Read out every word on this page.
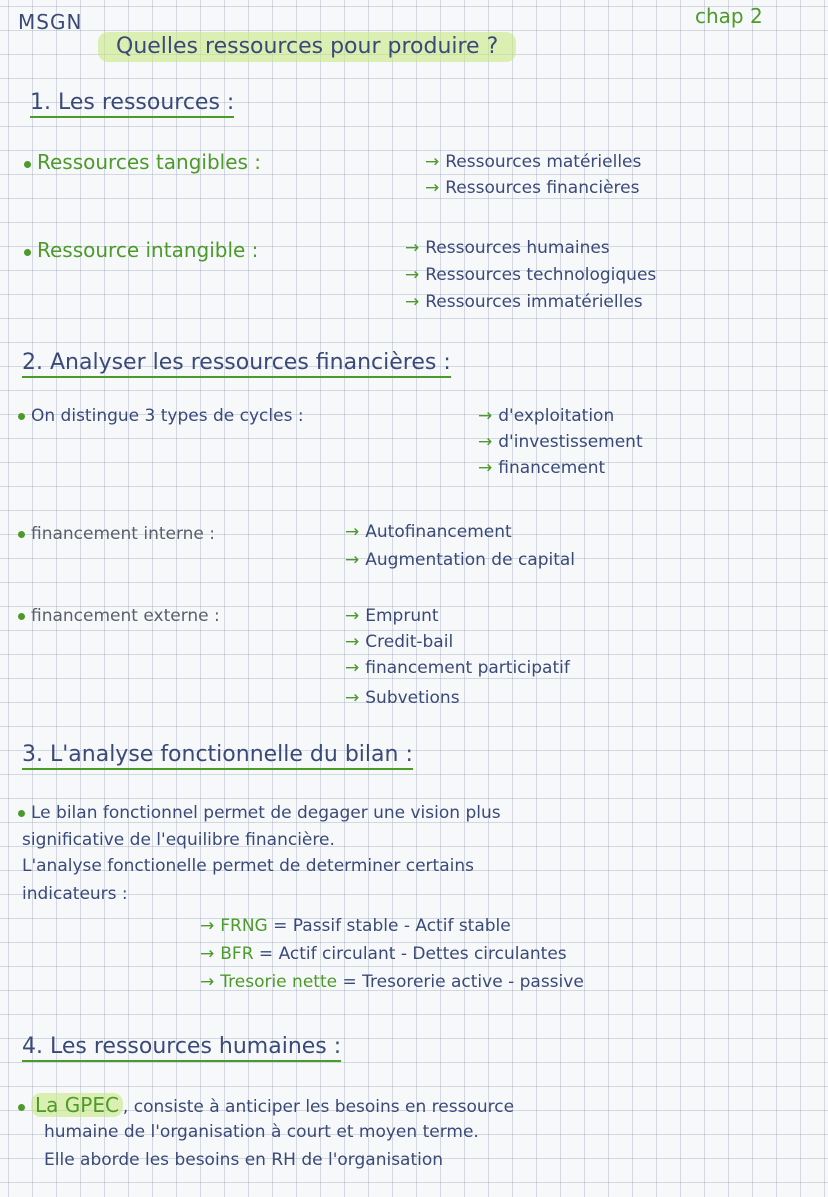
MSGN	chap 2
Quelles ressources pour produire ?
1. Les ressources :
Ressources tangibles :	→ Ressources matérielles
→ Ressources financières
Ressource intangible :	→ Ressources humaines
→ Ressources technologiques
→ Ressources immatérielles
2. Analyser les ressources financières :
On distingue 3 types de cycles :	→ d'exploitation
→ d'investissement
→ financement
financement interne :	→ Autofinancement
→ Augmentation de capital
financement externe :	→ Emprunt
→ Credit-bail
→ financement participatif
→ Subvetions
3. L'analyse fonctionnelle du bilan :
Le bilan fonctionnel permet de degager une vision plus
significative de l'equilibre financière.
L'analyse fonctionelle permet de determiner certains
indicateurs :
→ FRNG = Passif stable - Actif stable
→ BFR = Actif circulant - Dettes circulantes
→ Tresorie nette = Tresorerie active - passive
4. Les ressources humaines :
La GPEC , consiste à anticiper les besoins en ressource
humaine de l'organisation à court et moyen terme.
Elle aborde les besoins en RH de l'organisation
